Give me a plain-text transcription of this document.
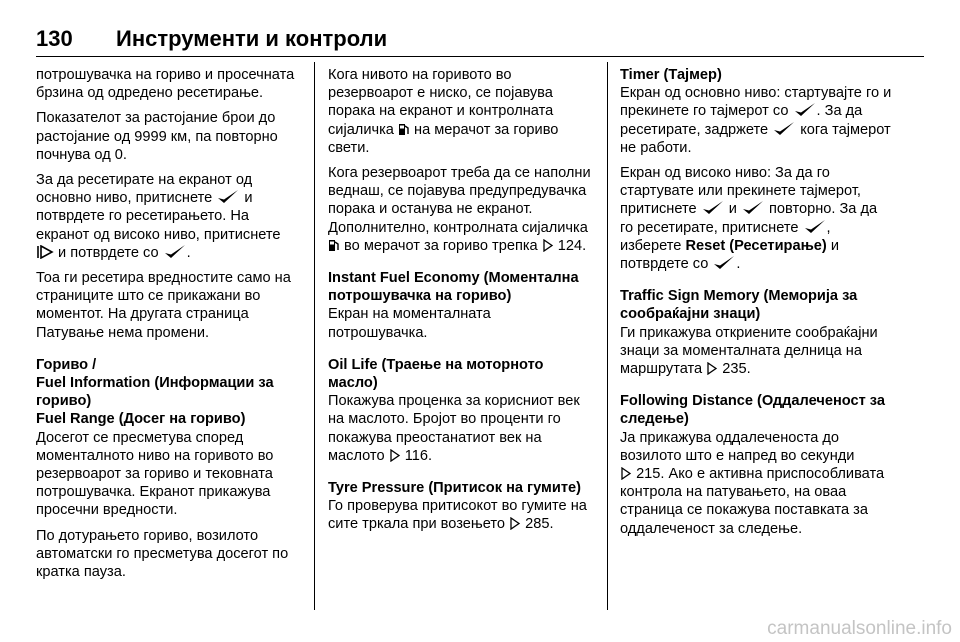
130 Инструменти и контроли

потрошувачка на гориво и просечната брзина од одредено ресетирање.

Показателот за растојание брои до растојание од 9999 км, па повторно почнува од 0.

За да ресетирате на екранот од основно ниво, притиснете  и потврдете го ресетирањето. На екранот од високо ниво, притиснете  и потврдете со .

Тоа ги ресетира вредностите само на страниците што се прикажани во моментот. На другата страница Патување нема промени.

Гориво /
Fuel Information (Информации за гориво)
Fuel Range (Досег на гориво)

Досегот се пресметува според моменталното ниво на горивото во резервоарот за гориво и тековната потрошувачка. Екранот прикажува просечни вредности.

По дотурањето гориво, возилото автоматски го пресметува досегот по кратка пауза.

Кога нивото на горивото во резервоарот е ниско, се појавува порака на екранот и контролната сијаличка  на мерачот за гориво свети.

Кога резервоарот треба да се наполни веднаш, се појавува предупредувачка порака и останува не екранот.

Дополнително, контролната сијаличка  во мерачот за гориво трепка  124.

Instant Fuel Economy (Моментална потрошувачка на гориво)

Екран на моменталната потрошувачка.

Oil Life (Траење на моторното масло)

Покажува проценка за корисниот век на маслото. Бројот во проценти го покажува преостанатиот век на маслото  116.

Tyre Pressure (Притисок на гумите)

Го проверува притисокот во гумите на сите тркала при возењето  285.

Timer (Тајмер)

Екран од основно ниво: стартувајте го и прекинете го тајмерот со . За да ресетирате, задржете  кога тајмерот не работи.

Екран од високо ниво: За да го стартувате или прекинете тајмерот, притиснете  и  повторно. За да го ресетирате, притиснете , изберете Reset (Ресетирање) и потврдете со .

Traffic Sign Memory (Меморија за сообраќајни знаци)

Ги прикажува откриените сообраќајни знаци за моменталната делница на маршрутата  235.

Following Distance (Оддалеченост за следење)

Ја прикажува оддалеченоста до возилото што е напред во секунди
215. Ако е активна приспособливата контрола на патувањето, на оваа страница се покажува поставката за оддалеченост за следење.

carmanualsonline.info
